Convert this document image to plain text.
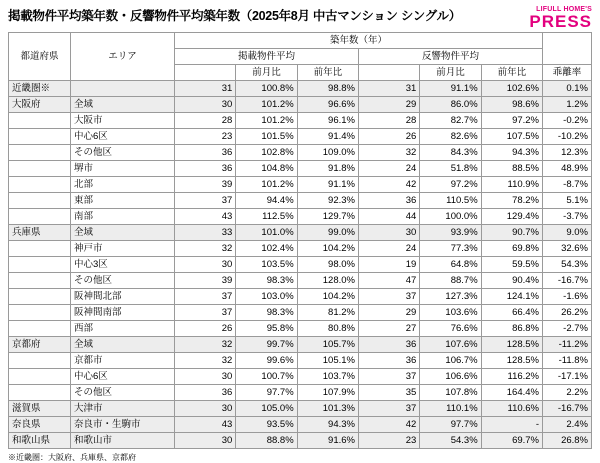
掲載物件平均築年数・反響物件平均築年数（2025年8月 中古マンション シングル）	LIFULL HOME'S
PRESS
都道府県	エリア	築年数（年）						
		掲載物件平均			反響物件平均			
			前月比	前年比		前月比	前年比	乖離率
近畿圏※		31	100.8%	98.8%	31	91.1%	102.6%	0.1%
大阪府	全域	30	101.2%	96.6%	29	86.0%	98.6%	1.2%
	大阪市	28	101.2%	96.1%	28	82.7%	97.2%	-0.2%
	中心6区	23	101.5%	91.4%	26	82.6%	107.5%	-10.2%
	その他区	36	102.8%	109.0%	32	84.3%	94.3%	12.3%
	堺市	36	104.8%	91.8%	24	51.8%	88.5%	48.9%
	北部	39	101.2%	91.1%	42	97.2%	110.9%	-8.7%
	東部	37	94.4%	92.3%	36	110.5%	78.2%	5.1%
	南部	43	112.5%	129.7%	44	100.0%	129.4%	-3.7%
兵庫県	全域	33	101.0%	99.0%	30	93.9%	90.7%	9.0%
	神戸市	32	102.4%	104.2%	24	77.3%	69.8%	32.6%
	中心3区	30	103.5%	98.0%	19	64.8%	59.5%	54.3%
	その他区	39	98.3%	128.0%	47	88.7%	90.4%	-16.7%
	阪神間北部	37	103.0%	104.2%	37	127.3%	124.1%	-1.6%
	阪神間南部	37	98.3%	81.2%	29	103.6%	66.4%	26.2%
	西部	26	95.8%	80.8%	27	76.6%	86.8%	-2.7%
京都府	全域	32	99.7%	105.7%	36	107.6%	128.5%	-11.2%
	京都市	32	99.6%	105.1%	36	106.7%	128.5%	-11.8%
	中心6区	30	100.7%	103.7%	37	106.6%	116.2%	-17.1%
	その他区	36	97.7%	107.9%	35	107.8%	164.4%	2.2%
滋賀県	大津市	30	105.0%	101.3%	37	110.1%	110.6%	-16.7%
奈良県	奈良市・生駒市	43	93.5%	94.3%	42	97.7%	-	2.4%
和歌山県	和歌山市	30	88.8%	91.6%	23	54.3%	69.7%	26.8%
※近畿圏：大阪府、兵庫県、京都府
